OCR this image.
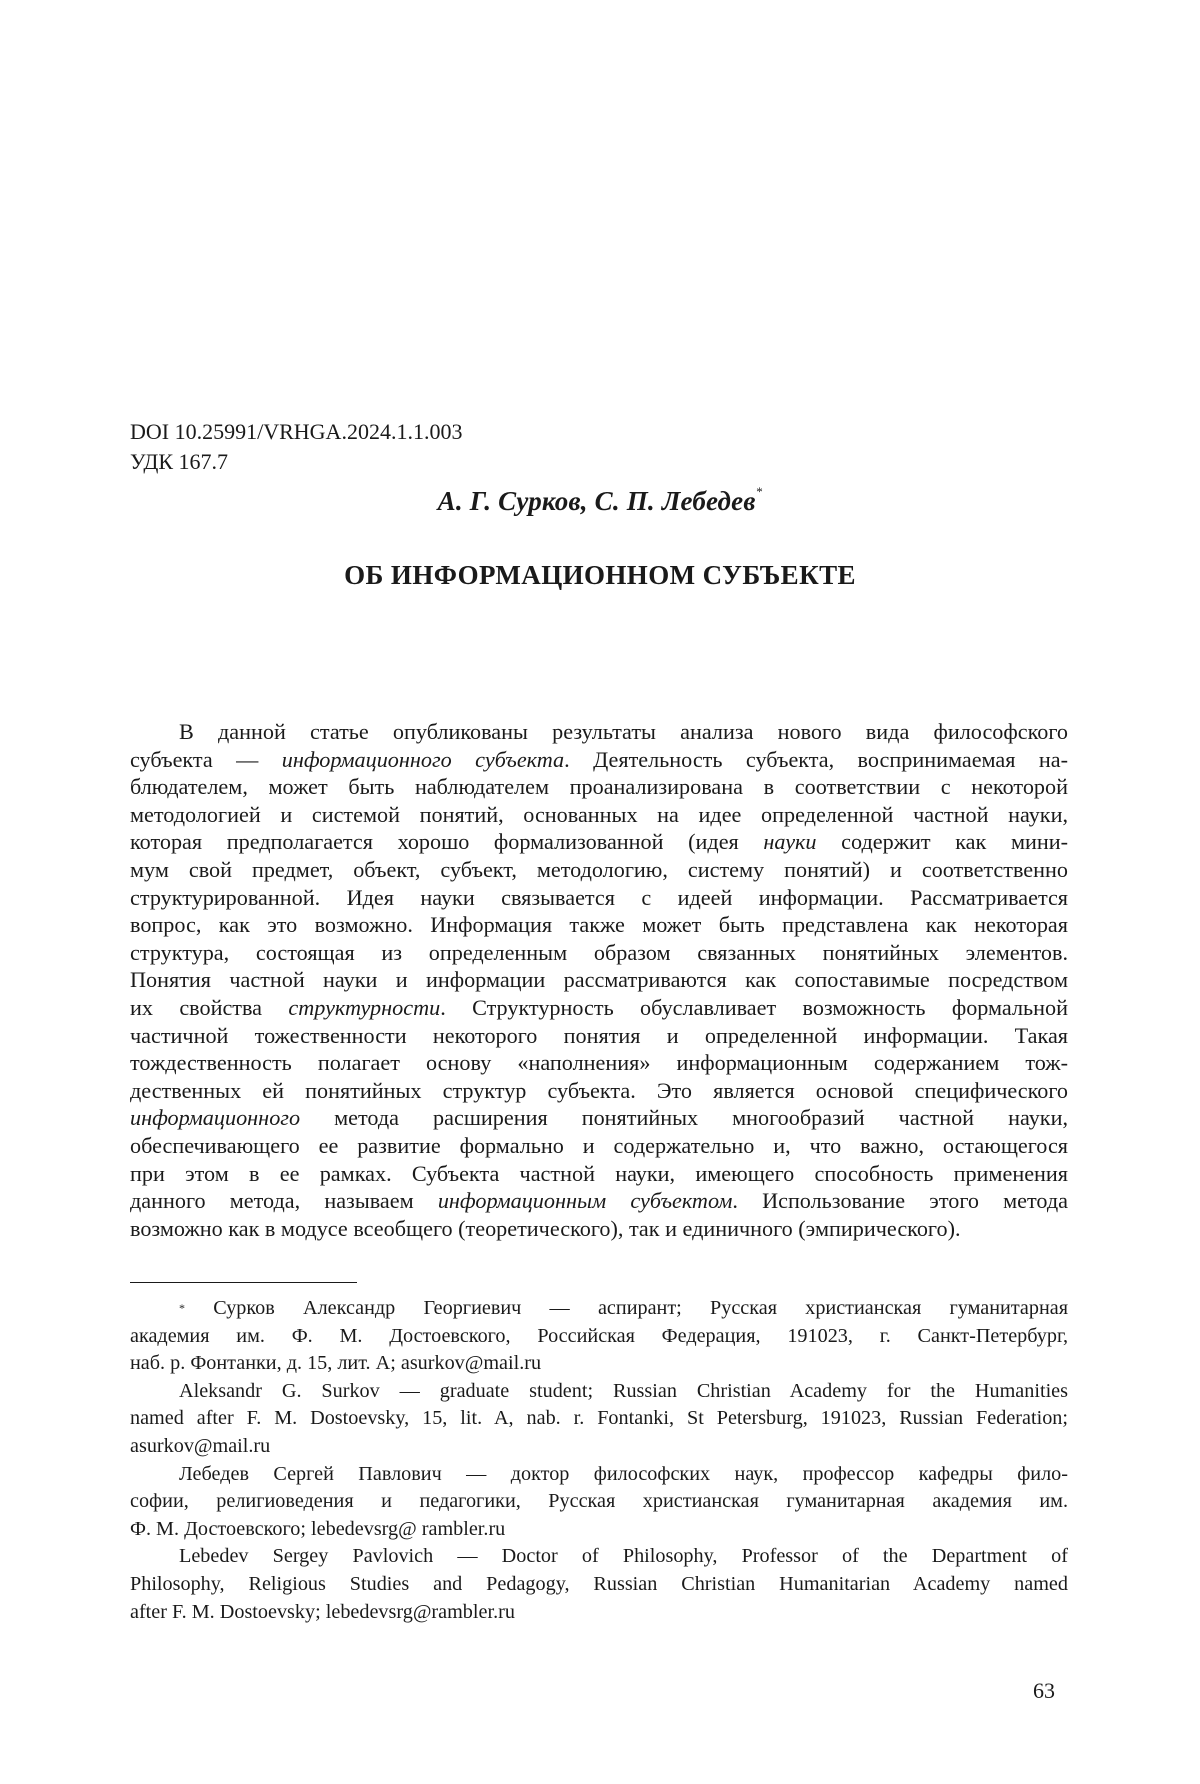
DOI 10.25991/VRHGA.2024.1.1.003
УДК 167.7
А. Г. Сурков, С. П. Лебедев*
ОБ ИНФОРМАЦИОННОМ СУБЪЕКТЕ
В данной статье опубликованы результаты анализа нового вида философского
субъекта — информационного субъекта. Деятельность субъекта, воспринимаемая на-
блюдателем, может быть наблюдателем проанализирована в соответствии с некоторой
методологией и системой понятий, основанных на идее определенной частной науки,
которая предполагается хорошо формализованной (идея науки содержит как мини-
мум свой предмет, объект, субъект, методологию, систему понятий) и соответственно
структурированной. Идея науки связывается с идеей информации. Рассматривается
вопрос, как это возможно. Информация также может быть представлена как некоторая
структура, состоящая из определенным образом связанных понятийных элементов.
Понятия частной науки и информации рассматриваются как сопоставимые посредством
их свойства структурности. Структурность обуславливает возможность формальной
частичной тожественности некоторого понятия и определенной информации. Такая
тождественность полагает основу «наполнения» информационным содержанием тож-
дественных ей понятийных структур субъекта. Это является основой специфического
информационного метода расширения понятийных многообразий частной науки,
обеспечивающего ее развитие формально и содержательно и, что важно, остающегося
при этом в ее рамках. Субъекта частной науки, имеющего способность применения
данного метода, называем информационным субъектом. Использование этого метода
возможно как в модусе всеобщего (теоретического), так и единичного (эмпирического).
* Сурков Александр Георгиевич — аспирант; Русская христианская гуманитарная
академия им. Ф. М. Достоевского, Российская Федерация, 191023, г. Санкт-Петербург,
наб. р. Фонтанки, д. 15, лит. А; asurkov@mail.ru
Aleksandr G. Surkov — graduate student; Russian Christian Academy for the Humanities
named after F. M. Dostoevsky, 15, lit. A, nab. r. Fontanki, St Petersburg, 191023, Russian Federation;
asurkov@mail.ru
Лебедев Сергей Павлович — доктор философских наук, профессор кафедры фило-
софии, религиоведения и педагогики, Русская христианская гуманитарная академия им.
Ф. М. Достоевского; lebedevsrg@ rambler.ru
Lebedev Sergey Pavlovich — Doctor of Philosophy, Professor of the Department of
Philosophy, Religious Studies and Pedagogy, Russian Christian Humanitarian Academy named
after F. M. Dostoevsky; lebedevsrg@rambler.ru
63
